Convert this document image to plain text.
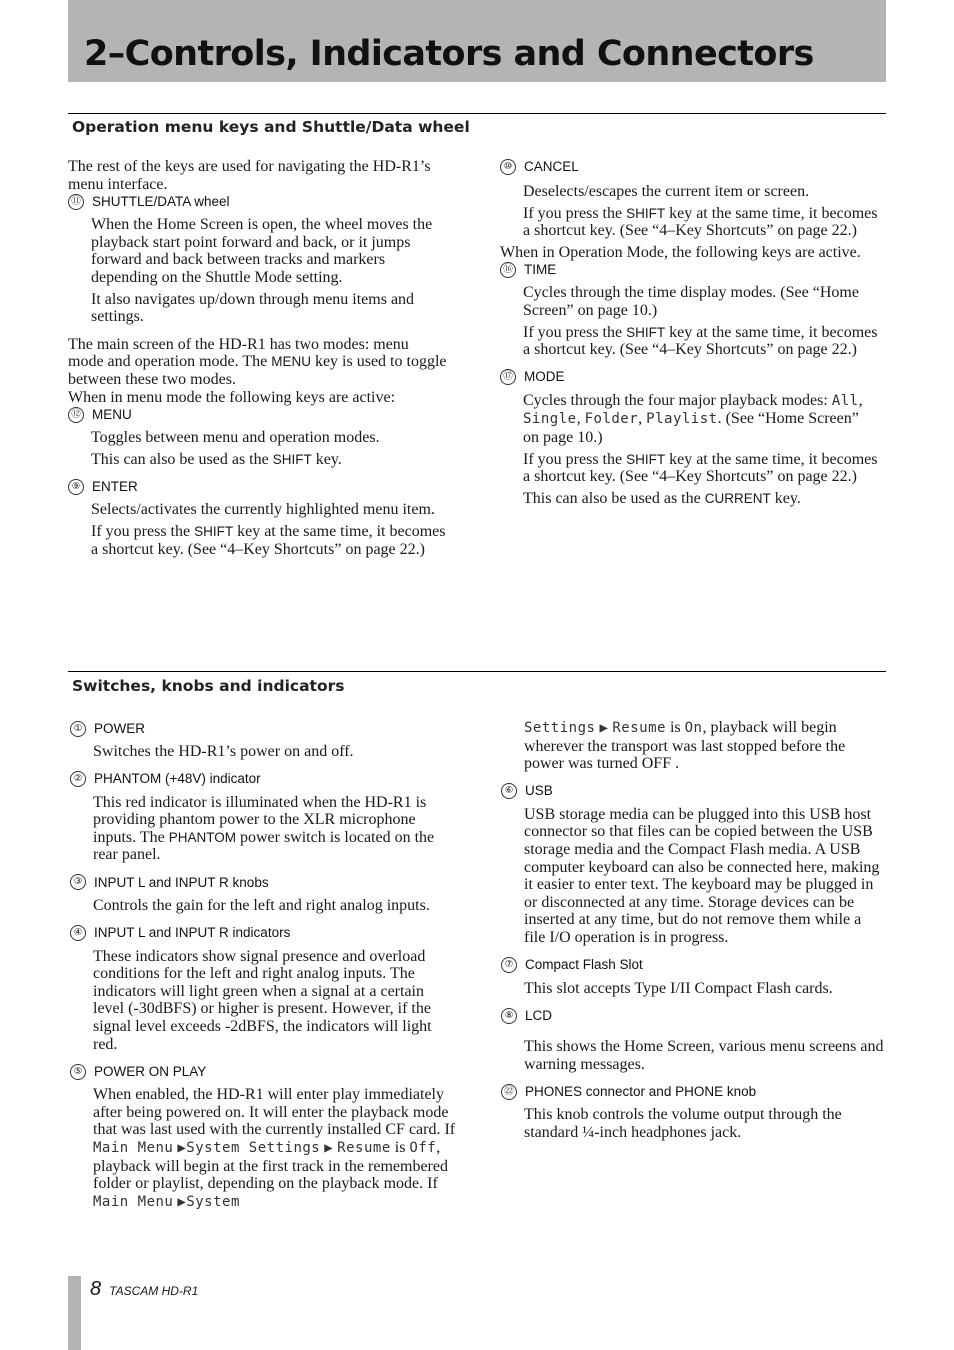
2–Controls, Indicators and Connectors
Operation menu keys and Shuttle/Data wheel

The rest of the keys are used for navigating the HD-R1’s menu interface.

⑪ SHUTTLE/DATA wheel

When the Home Screen is open, the wheel moves the playback start point forward and back, or it jumps forward and back between tracks and markers depending on the Shuttle Mode setting.

It also navigates up/down through menu items and settings.

The main screen of the HD-R1 has two modes: menu mode and operation mode. The MENU key is used to toggle between these two modes.

When in menu mode the following keys are active:

⑫ MENU

Toggles between menu and operation modes.

This can also be used as the SHIFT key.

⑨ ENTER

Selects/activates the currently highlighted menu item.

If you press the SHIFT key at the same time, it becomes a shortcut key. (See “4–Key Shortcuts” on page 22.)

⑩ CANCEL

Deselects/escapes the current item or screen.

If you press the SHIFT key at the same time, it becomes a shortcut key. (See “4–Key Shortcuts” on page 22.)

When in Operation Mode, the following keys are active.

⑯ TIME

Cycles through the time display modes. (See “Home Screen” on page 10.)

If you press the SHIFT key at the same time, it becomes a shortcut key. (See “4–Key Shortcuts” on page 22.)

⑰ MODE

Cycles through the four major playback modes: All, Single, Folder, Playlist. (See “Home Screen” on page 10.)

If you press the SHIFT key at the same time, it becomes a shortcut key. (See “4–Key Shortcuts” on page 22.)

This can also be used as the CURRENT key.

Switches, knobs and indicators
① POWER

Switches the HD-R1’s power on and off.

② PHANTOM (+48V) indicator

This red indicator is illuminated when the HD-R1 is providing phantom power to the XLR microphone inputs. The PHANTOM power switch is located on the rear panel.

③ INPUT L and INPUT R knobs

Controls the gain for the left and right analog inputs.

④ INPUT L and INPUT R indicators

These indicators show signal presence and overload conditions for the left and right analog inputs. The indicators will light green when a signal at a certain level (-30dBFS) or higher is present. However, if the signal level exceeds -2dBFS, the indicators will light red.

⑤ POWER ON PLAY

When enabled, the HD-R1 will enter play immediately after being powered on. It will enter the playback mode that was last used with the currently installed CF card. If Main Menu ▶System Settings ▶ Resume is Off, playback will begin at the first track in the remembered folder or playlist, depending on the playback mode. If Main Menu ▶System

Settings ▶ Resume is On, playback will begin wherever the transport was last stopped before the power was turned OFF .

⑥ USB

USB storage media can be plugged into this USB host connector so that files can be copied between the USB storage media and the Compact Flash media. A USB computer keyboard can also be connected here, making it easier to enter text. The keyboard may be plugged in or disconnected at any time. Storage devices can be inserted at any time, but do not remove them while a file I/O operation is in progress.

⑦ Compact Flash Slot

This slot accepts Type I/II Compact Flash cards.

⑧ LCD

This shows the Home Screen, various menu screens and warning messages.

㉒ PHONES connector and PHONE knob

This knob controls the volume output through the standard ¼-inch headphones jack.

8 TASCAM HD-R1
